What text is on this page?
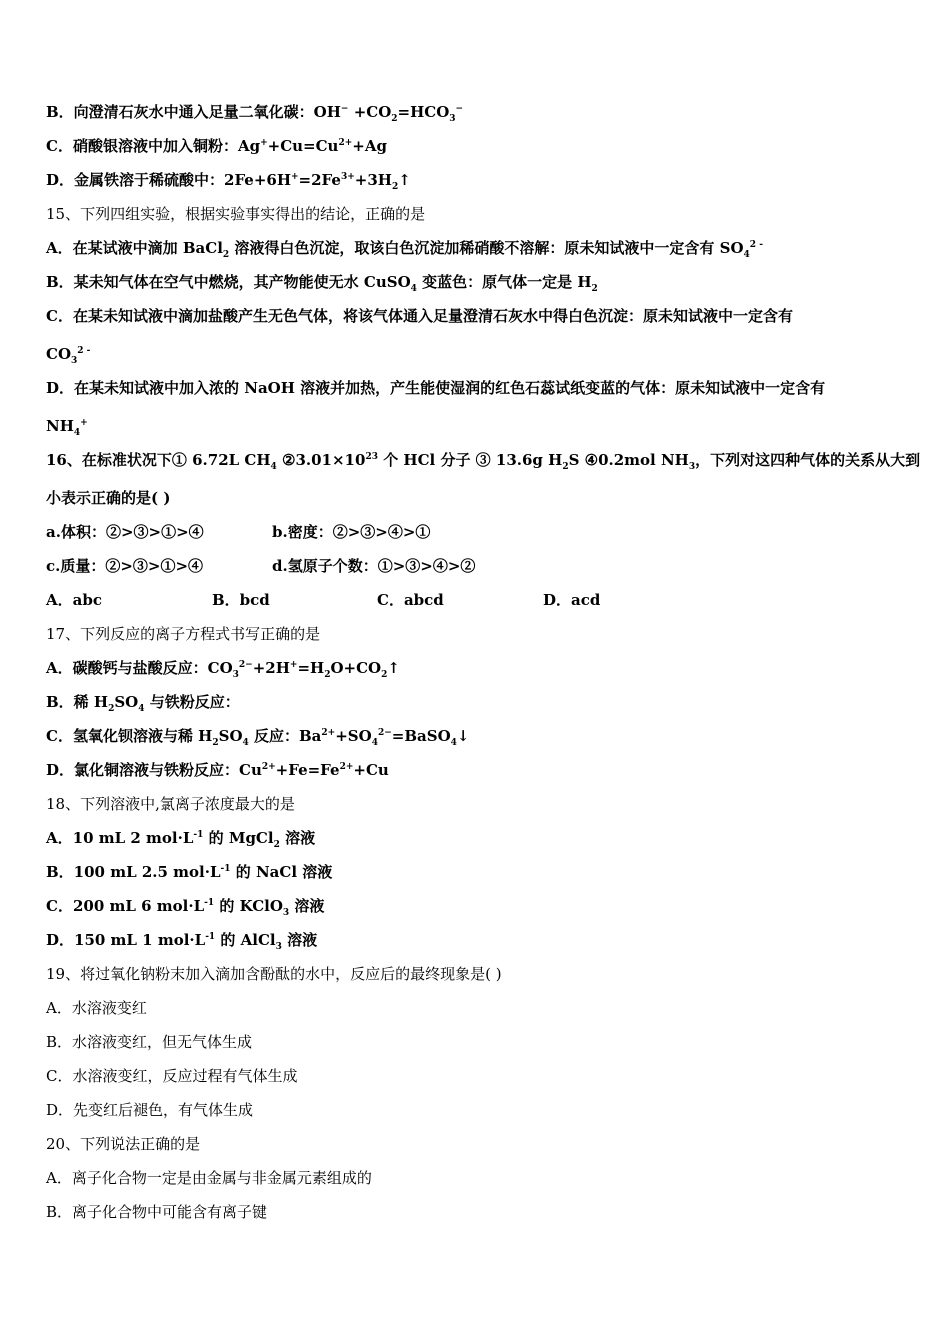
B．向澄清石灰水中通入足量二氧化碳：$OH^- +CO_2=HCO_3^-$
C．硝酸银溶液中加入铜粉：$Ag^++Cu=Cu^{2+}+Ag$
D．金属铁溶于稀硫酸中：$2Fe+6H^+=2Fe^{3+}+3H_2↑$
15、下列四组实验，根据实验事实得出的结论，正确的是
A．在某试液中滴加 BaCl$_2$ 溶液得白色沉淀，取该白色沉淀加稀硝酸不溶解：原未知试液中一定含有 $SO_4^{2 -}$
B．某未知气体在空气中燃烧，其产物能使无水 CuSO$_4$ 变蓝色：原气体一定是 $H_2$
C．在某未知试液中滴加盐酸产生无色气体，将该气体通入足量澄清石灰水中得白色沉淀：原未知试液中一定含有
$CO_3^{2 -}$
D．在某未知试液中加入浓的 NaOH 溶液并加热，产生能使湿润的红色石蕊试纸变蓝的气体：原未知试液中一定含有
$NH_4^+$
16、在标准状况下① 6.72L $CH_4$ $②3.01\times 10^{23}$ 个 HCl 分子 ③ 13.6g $H_2S$ ④0.2mol $NH_3$，下列对这四种气体的关系从大到
小表示正确的是( )
a.体积：②>③>①>④	b.密度：②>③>④>①
c.质量：②>③>①>④	d.氢原子个数：①>③>④>②
A．abc	B．bcd	C．abcd	D．acd
17、下列反应的离子方程式书写正确的是
A．碳酸钙与盐酸反应：$CO_3^{2-}+2H^+=H_2O+CO_2↑$
B．稀 $H_2SO_4$ 与铁粉反应：
C．氢氧化钡溶液与稀 $H_2SO_4$ 反应：$Ba^{2+}+SO_4^{2-}=BaSO_4↓$
D．氯化铜溶液与铁粉反应：$Cu^{2+}+Fe=Fe^{2+}+Cu$
18、下列溶液中,氯离子浓度最大的是
A．10 mL 2 $mol\cdot L^{-1}$ 的 MgCl$_2$ 溶液
B．100 mL 2.5 $mol\cdot L^{-1}$ 的 NaCl 溶液
C．200 mL 6 $mol\cdot L^{-1}$ 的 KClO$_3$ 溶液
D．150 mL 1 $mol\cdot L^{-1}$ 的 AlCl$_3$ 溶液
19、将过氧化钠粉末加入滴加含酚酞的水中，反应后的最终现象是( )
A．水溶液变红
B．水溶液变红，但无气体生成
C．水溶液变红，反应过程有气体生成
D．先变红后褪色，有气体生成
20、下列说法正确的是
A．离子化合物一定是由金属与非金属元素组成的
B．离子化合物中可能含有离子键
